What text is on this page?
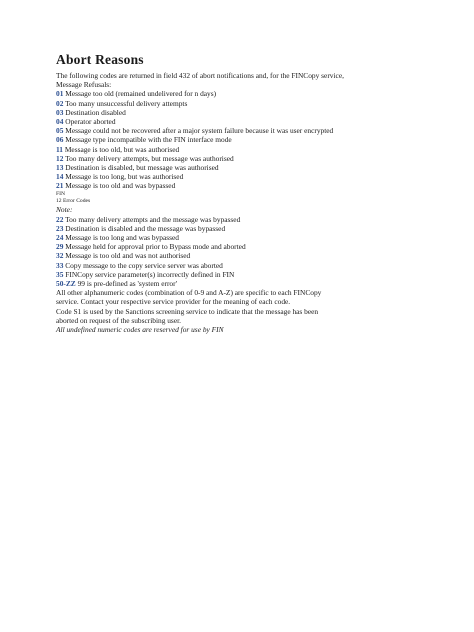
Abort Reasons
The following codes are returned in field 432 of abort notifications and, for the FINCopy service,
Message Refusals:
01 Message too old (remained undelivered for n days)
02 Too many unsuccessful delivery attempts
03 Destination disabled
04 Operator aborted
05 Message could not be recovered after a major system failure because it was user encrypted
06 Message type incompatible with the FIN interface mode
11 Message is too old, but was authorised
12 Too many delivery attempts, but message was authorised
13 Destination is disabled, but message was authorised
14 Message is too long, but was authorised
21 Message is too old and was bypassed
FIN
12 Error Codes
Note:
22 Too many delivery attempts and the message was bypassed
23 Destination is disabled and the message was bypassed
24 Message is too long and was bypassed
29 Message held for approval prior to Bypass mode and aborted
32 Message is too old and was not authorised
33 Copy message to the copy service server was aborted
35 FINCopy service parameter(s) incorrectly defined in FIN
50-ZZ 99 is pre-defined as 'system error'
All other alphanumeric codes (combination of 0-9 and A-Z) are specific to each FINCopy
service. Contact your respective service provider for the meaning of each code.
Code S1 is used by the Sanctions screening service to indicate that the message has been
aborted on request of the subscribing user.
All undefined numeric codes are reserved for use by FIN
